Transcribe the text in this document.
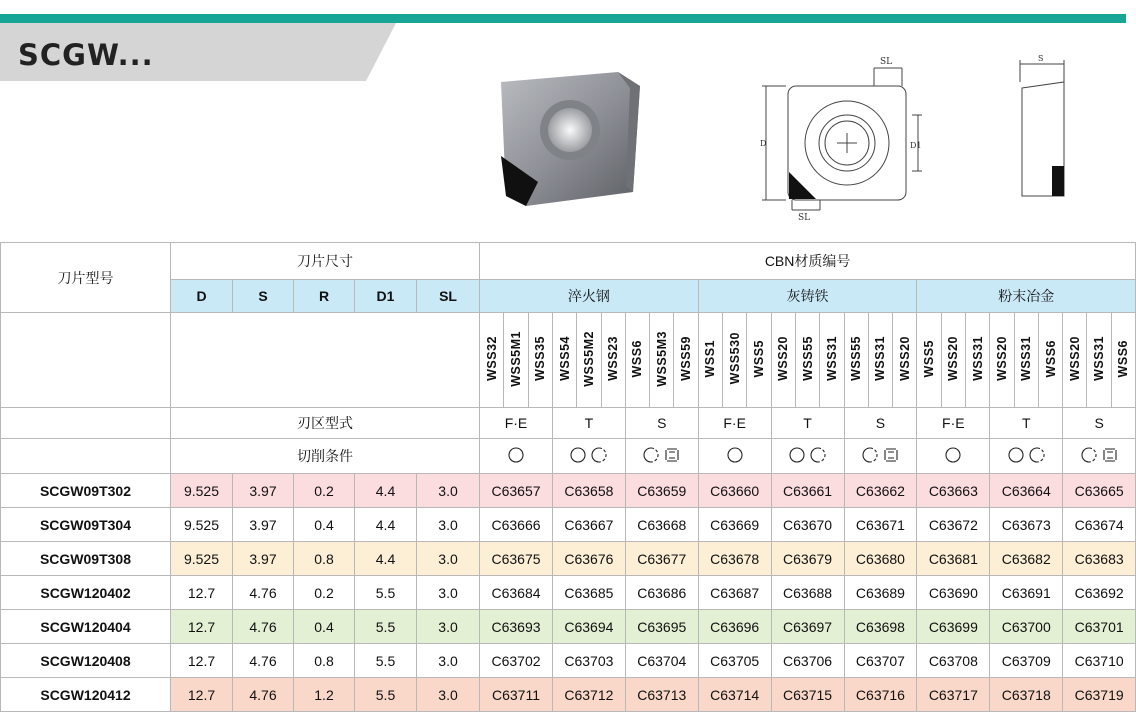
SCGW...	SL
SL
D	D1
S
刀片型号	刀片尺寸					CBN材质编号																										
	D	S	R	D1	SL	淬火钢									灰铸铁									粉末冶金								
						WSS32	WSS5M1	WSS35	WSS54	WSS5M2	WSS23	WSS6	WSS5M3	WSS59	WSS1	WSS530	WSS5	WSS20	WSS55	WSS31	WSS55	WSS31	WSS20	WSS5	WSS20	WSS31	WSS20	WSS31	WSS6	WSS20	WSS31	WSS6
	刃区型式					F·E			T			S			F·E			T			S			F·E			T			S		
	切削条件	

SCGW09T302	9.525	3.97	0.2	4.4	3.0	C63657			C63658			C63659			C63660			C63661			C63662			C63663			C63664			C63665		
SCGW09T304	9.525	3.97	0.4	4.4	3.0	C63666			C63667			C63668			C63669			C63670			C63671			C63672			C63673			C63674		
SCGW09T308	9.525	3.97	0.8	4.4	3.0	C63675			C63676			C63677			C63678			C63679			C63680			C63681			C63682			C63683		
SCGW120402	12.7	4.76	0.2	5.5	3.0	C63684			C63685			C63686			C63687			C63688			C63689			C63690			C63691			C63692		
SCGW120404	12.7	4.76	0.4	5.5	3.0	C63693			C63694			C63695			C63696			C63697			C63698			C63699			C63700			C63701		
SCGW120408	12.7	4.76	0.8	5.5	3.0	C63702			C63703			C63704			C63705			C63706			C63707			C63708			C63709			C63710		
SCGW120412	12.7	4.76	1.2	5.5	3.0	C63711			C63712			C63713			C63714			C63715			C63716			C63717			C63718			C63719		
